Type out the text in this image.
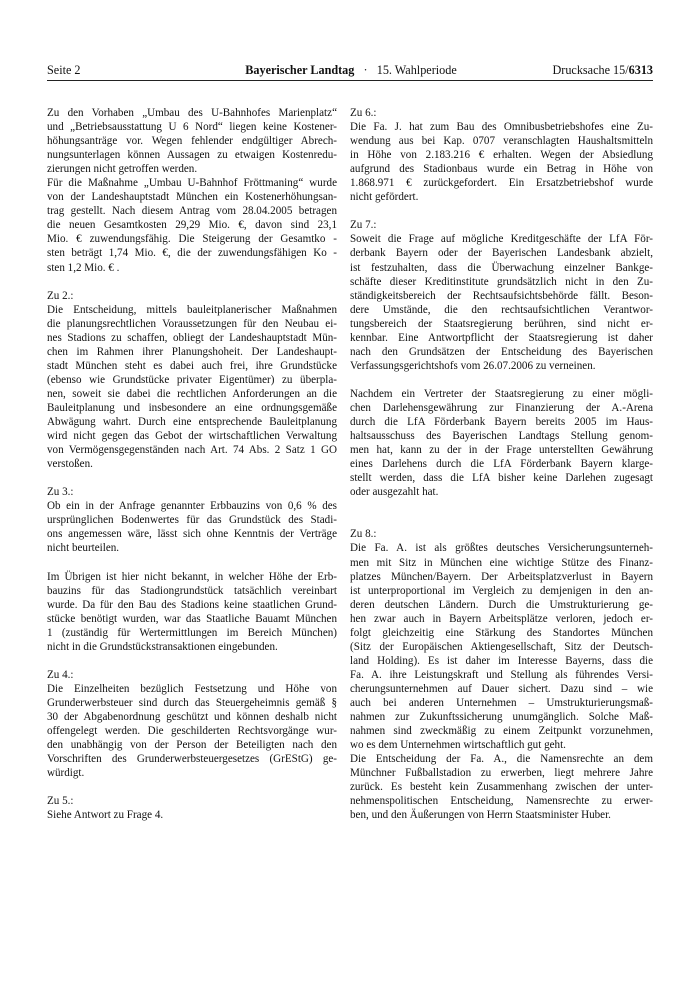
Seite 2	Bayerischer Landtag · 15. Wahlperiode	Drucksache 15/6313
Zu den Vorhaben „Umbau des U-Bahnhofes Marienplatz“
und „Betriebsausstattung U 6 Nord“ liegen keine Kostener-
höhungsanträge vor. Wegen fehlender endgültiger Abrech-
nungsunterlagen können Aussagen zu etwaigen Kostenredu-
zierungen nicht getroffen werden.
Für die Maßnahme „Umbau U-Bahnhof Fröttmaning“ wurde
von der Landeshauptstadt München ein Kostenerhöhungsan-
trag gestellt. Nach diesem Antrag vom 28.04.2005 betragen
die neuen Gesamtkosten 29,29 Mio. €, davon sind 23,1
Mio. € zuwendungsfähig. Die Steigerung der Gesamtko -
sten beträgt 1,74 Mio. €, die der zuwendungsfähigen Ko -
sten 1,2 Mio. € .
Zu 2.:
Die Entscheidung, mittels bauleitplanerischer Maßnahmen
die planungsrechtlichen Voraussetzungen für den Neubau ei-
nes Stadions zu schaffen, obliegt der Landeshauptstadt Mün-
chen im Rahmen ihrer Planungshoheit. Der Landeshaupt-
stadt München steht es dabei auch frei, ihre Grundstücke
(ebenso wie Grundstücke privater Eigentümer) zu überpla-
nen, soweit sie dabei die rechtlichen Anforderungen an die
Bauleitplanung und insbesondere an eine ordnungsgemäße
Abwägung wahrt. Durch eine entsprechende Bauleitplanung
wird nicht gegen das Gebot der wirtschaftlichen Verwaltung
von Vermögensgegenständen nach Art. 74 Abs. 2 Satz 1 GO
verstoßen.
Zu 3.:
Ob ein in der Anfrage genannter Erbbauzins von 0,6 % des
ursprünglichen Bodenwertes für das Grundstück des Stadi-
ons angemessen wäre, lässt sich ohne Kenntnis der Verträge
nicht beurteilen.
Im Übrigen ist hier nicht bekannt, in welcher Höhe der Erb-
bauzins für das Stadiongrundstück tatsächlich vereinbart
wurde. Da für den Bau des Stadions keine staatlichen Grund-
stücke benötigt wurden, war das Staatliche Bauamt München
1 (zuständig für Wertermittlungen im Bereich München)
nicht in die Grundstückstransaktionen eingebunden.
Zu 4.:
Die Einzelheiten bezüglich Festsetzung und Höhe von
Grunderwerbsteuer sind durch das Steuergeheimnis gemäß §
30 der Abgabenordnung geschützt und können deshalb nicht
offengelegt werden. Die geschilderten Rechtsvorgänge wur-
den unabhängig von der Person der Beteiligten nach den
Vorschriften des Grunderwerbsteuergesetzes (GrEStG) ge-
würdigt.
Zu 5.:
Siehe Antwort zu Frage 4.
Zu 6.:
Die Fa. J. hat zum Bau des Omnibusbetriebshofes eine Zu-
wendung aus bei Kap. 0707 veranschlagten Haushaltsmitteln
in Höhe von 2.183.216 € erhalten. Wegen der Absiedlung
aufgrund des Stadionbaus wurde ein Betrag in Höhe von
1.868.971 € zurückgefordert. Ein Ersatzbetriebshof wurde
nicht gefördert.
Zu 7.:
Soweit die Frage auf mögliche Kreditgeschäfte der LfA För-
derbank Bayern oder der Bayerischen Landesbank abzielt,
ist festzuhalten, dass die Überwachung einzelner Bankge-
schäfte dieser Kreditinstitute grundsätzlich nicht in den Zu-
ständigkeitsbereich der Rechtsaufsichtsbehörde fällt. Beson-
dere Umstände, die den rechtsaufsichtlichen Verantwor-
tungsbereich der Staatsregierung berühren, sind nicht er-
kennbar. Eine Antwortpflicht der Staatsregierung ist daher
nach den Grundsätzen der Entscheidung des Bayerischen
Verfassungsgerichtshofs vom 26.07.2006 zu verneinen.
Nachdem ein Vertreter der Staatsregierung zu einer mögli-
chen Darlehensgewährung zur Finanzierung der A.-Arena
durch die LfA Förderbank Bayern bereits 2005 im Haus-
haltsausschuss des Bayerischen Landtags Stellung genom-
men hat, kann zu der in der Frage unterstellten Gewährung
eines Darlehens durch die LfA Förderbank Bayern klarge-
stellt werden, dass die LfA bisher keine Darlehen zugesagt
oder ausgezahlt hat.
Zu 8.:
Die Fa. A. ist als größtes deutsches Versicherungsunterneh-
men mit Sitz in München eine wichtige Stütze des Finanz-
platzes München/Bayern. Der Arbeitsplatzverlust in Bayern
ist unterproportional im Vergleich zu demjenigen in den an-
deren deutschen Ländern. Durch die Umstrukturierung ge-
hen zwar auch in Bayern Arbeitsplätze verloren, jedoch er-
folgt gleichzeitig eine Stärkung des Standortes München
(Sitz der Europäischen Aktiengesellschaft, Sitz der Deutsch-
land Holding). Es ist daher im Interesse Bayerns, dass die
Fa. A. ihre Leistungskraft und Stellung als führendes Versi-
cherungsunternehmen auf Dauer sichert. Dazu sind – wie
auch bei anderen Unternehmen – Umstrukturierungsmaß-
nahmen zur Zukunftssicherung unumgänglich. Solche Maß-
nahmen sind zweckmäßig zu einem Zeitpunkt vorzunehmen,
wo es dem Unternehmen wirtschaftlich gut geht.
Die Entscheidung der Fa. A., die Namensrechte an dem
Münchner Fußballstadion zu erwerben, liegt mehrere Jahre
zurück. Es besteht kein Zusammenhang zwischen der unter-
nehmenspolitischen Entscheidung, Namensrechte zu erwer-
ben, und den Äußerungen von Herrn Staatsminister Huber.
